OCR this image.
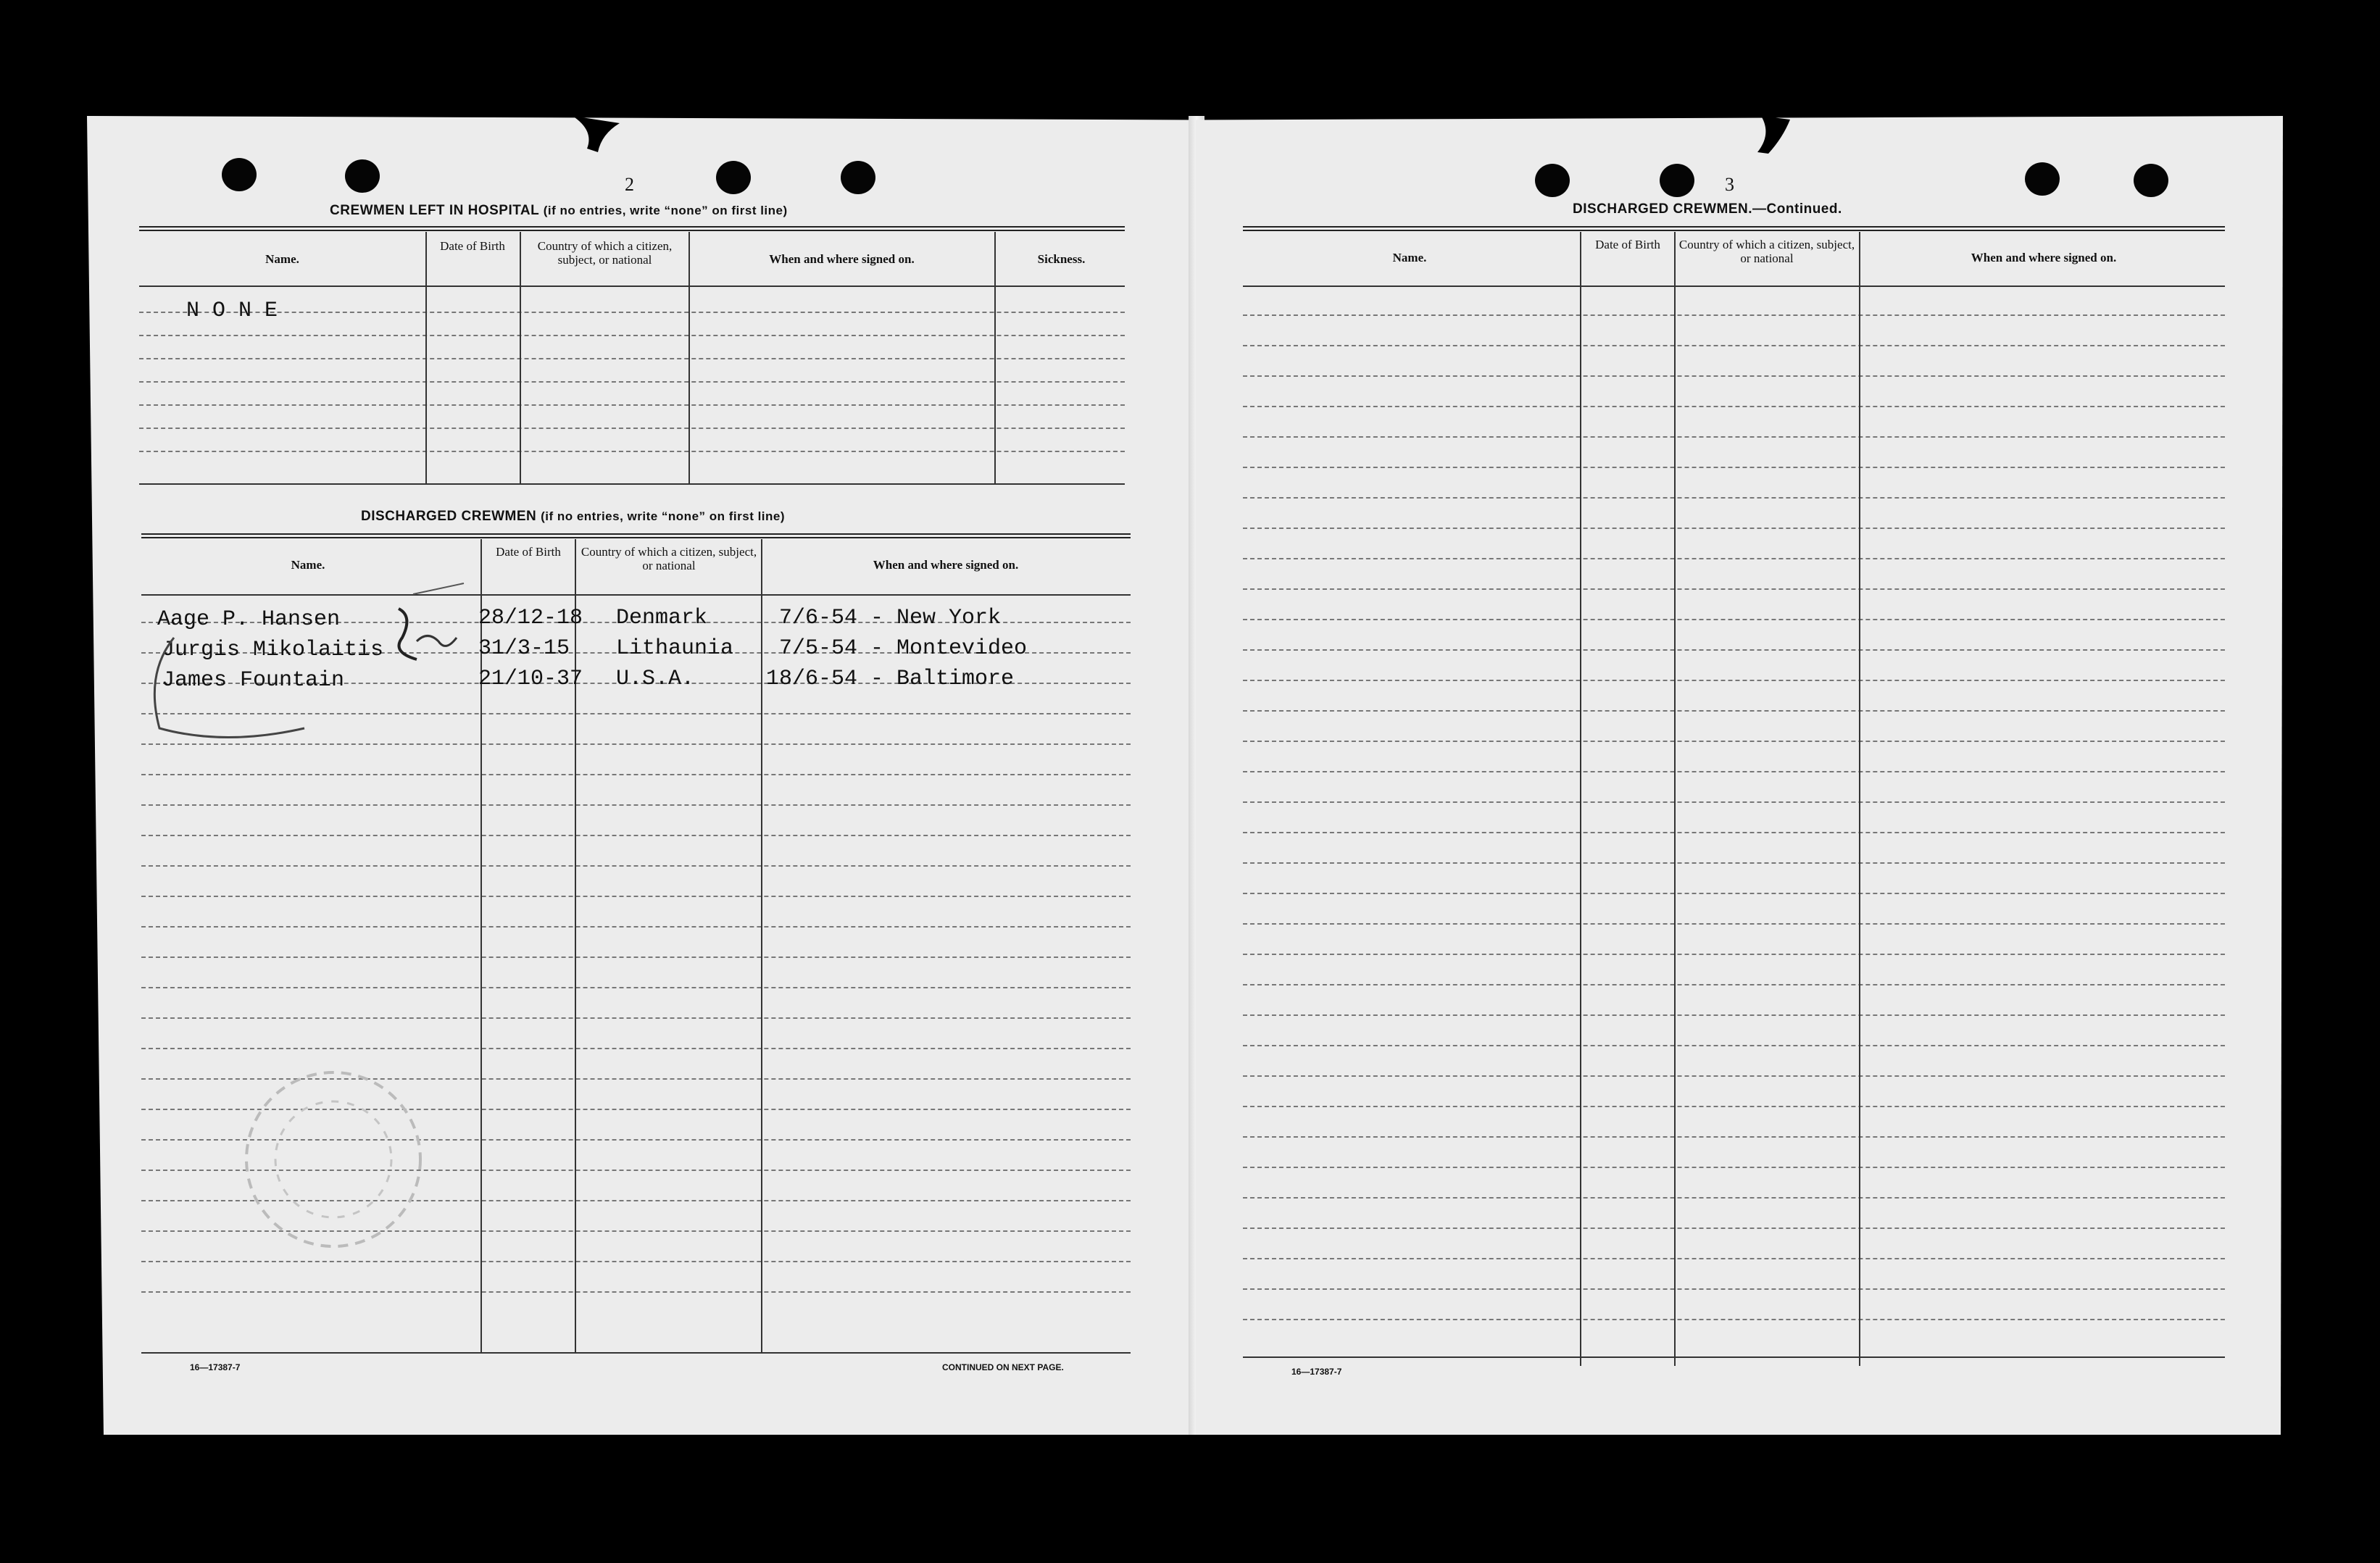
2
CREWMEN LEFT IN HOSPITAL (if no entries, write “none” on first line)
Name.
Date of Birth	Country of which a citizen, subject, or national	When and where signed on.	Sickness.
N O N E
DISCHARGED CREWMEN (if no entries, write “none” on first line)
Name.
Date of Birth	Country of which a citizen, subject, or national	When and where signed on.
Aage P. Hansen	28/12-18 Denmark	7/6-54 - New York
Jurgis Mikolaitis	31/3-15 Lithaunia 7/5-54 - Montevideo
James Fountain	21/10-37 U.S.A.	18/6-54 - Baltimore
16—17387-7	CONTINUED ON NEXT PAGE.
3
DISCHARGED CREWMEN.—Continued.
Name.
Date of Birth	Country of which a citizen, subject, or national	When and where signed on.
16—17387-7
